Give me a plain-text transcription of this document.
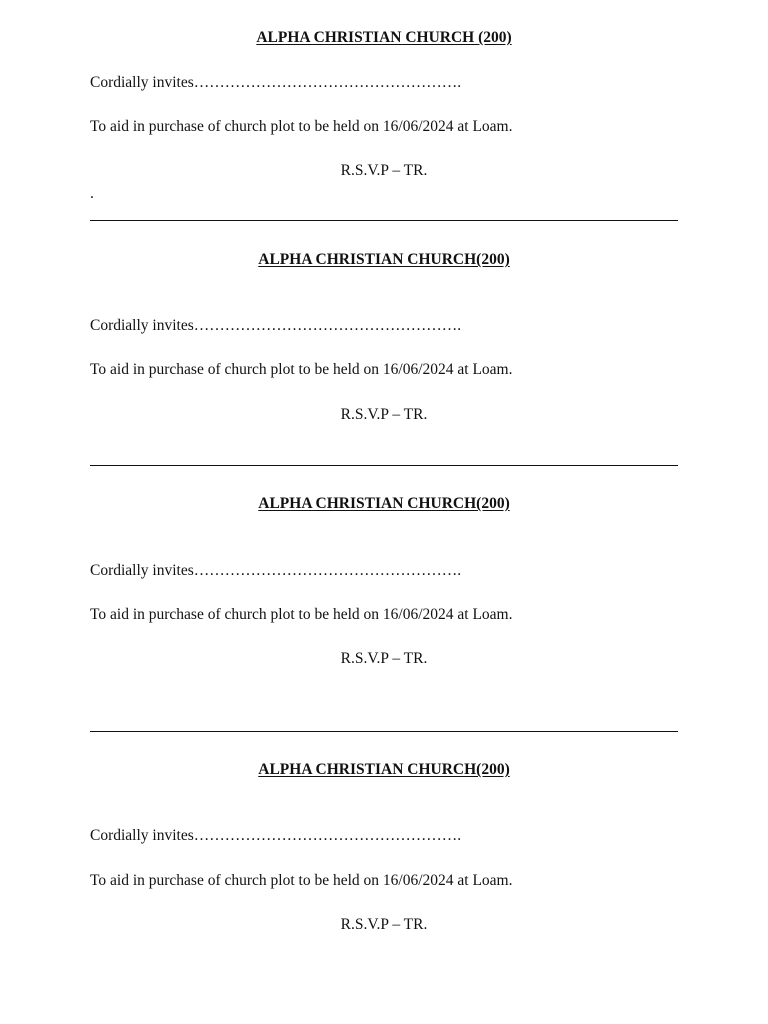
ALPHA CHRISTIAN CHURCH (200)
Cordially invites…………………………………………….
To aid in purchase of church plot to be held on 16/06/2024 at Loam.
R.S.V.P – TR.
.
ALPHA CHRISTIAN CHURCH(200)
Cordially invites…………………………………………….
To aid in purchase of church plot to be held on 16/06/2024 at Loam.
R.S.V.P – TR.
ALPHA CHRISTIAN CHURCH(200)
Cordially invites…………………………………………….
To aid in purchase of church plot to be held on 16/06/2024 at Loam.
R.S.V.P – TR.
ALPHA CHRISTIAN CHURCH(200)
Cordially invites…………………………………………….
To aid in purchase of church plot to be held on 16/06/2024 at Loam.
R.S.V.P – TR.
